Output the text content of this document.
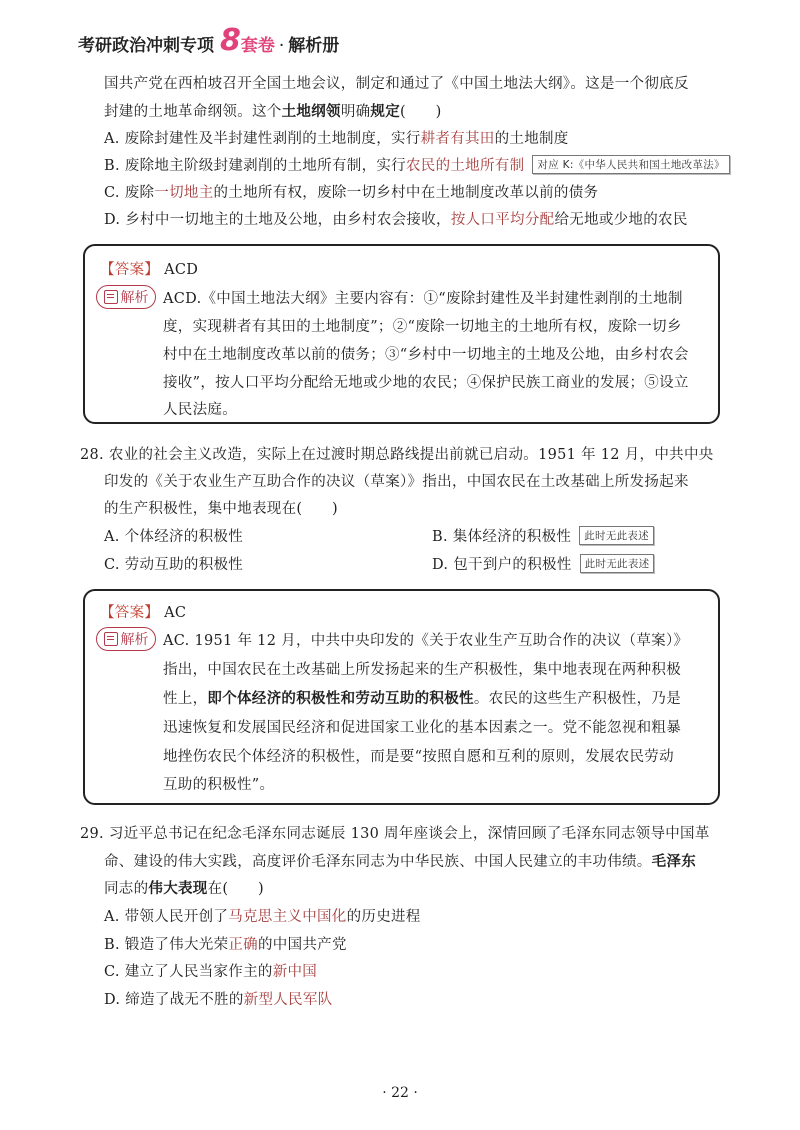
考研政治冲刺专项 8 套卷 · 解析册
国共产党在西柏坡召开全国土地会议，制定和通过了《中国土地法大纲》。这是一个彻底反
封建的土地革命纲领。这个土地纲领明确规定(　　)
A. 废除封建性及半封建性剥削的土地制度，实行耕者有其田的土地制度
B. 废除地主阶级封建剥削的土地所有制，实行农民的土地所有制 对应 K:《中华人民共和国土地改革法》
C. 废除一切地主的土地所有权，废除一切乡村中在土地制度改革以前的债务
D. 乡村中一切地主的土地及公地，由乡村农会接收，按人口平均分配给无地或少地的农民
【答案】 ACD
解析 ACD.《中国土地法大纲》主要内容有：①“废除封建性及半封建性剥削的土地制
度，实现耕者有其田的土地制度”；②“废除一切地主的土地所有权，废除一切乡
村中在土地制度改革以前的债务；③“乡村中一切地主的土地及公地，由乡村农会
接收”，按人口平均分配给无地或少地的农民；④保护民族工商业的发展；⑤设立
人民法庭。
28. 农业的社会主义改造，实际上在过渡时期总路线提出前就已启动。1951 年 12 月，中共中央
印发的《关于农业生产互助合作的决议（草案）》指出，中国农民在土改基础上所发扬起来
的生产积极性，集中地表现在(　　)
A. 个体经济的积极性	B. 集体经济的积极性 此时无此表述
C. 劳动互助的积极性	D. 包干到户的积极性 此时无此表述
【答案】 AC
解析 AC. 1951 年 12 月，中共中央印发的《关于农业生产互助合作的决议（草案）》
指出，中国农民在土改基础上所发扬起来的生产积极性，集中地表现在两种积极
性上，即个体经济的积极性和劳动互助的积极性。农民的这些生产积极性，乃是
迅速恢复和发展国民经济和促进国家工业化的基本因素之一。党不能忽视和粗暴
地挫伤农民个体经济的积极性，而是要“按照自愿和互利的原则，发展农民劳动
互助的积极性”。
29. 习近平总书记在纪念毛泽东同志诞辰 130 周年座谈会上，深情回顾了毛泽东同志领导中国革
命、建设的伟大实践，高度评价毛泽东同志为中华民族、中国人民建立的丰功伟绩。毛泽东
同志的伟大表现在(　　)
A. 带领人民开创了马克思主义中国化的历史进程
B. 锻造了伟大光荣正确的中国共产党
C. 建立了人民当家作主的新中国
D. 缔造了战无不胜的新型人民军队
· 22 ·
